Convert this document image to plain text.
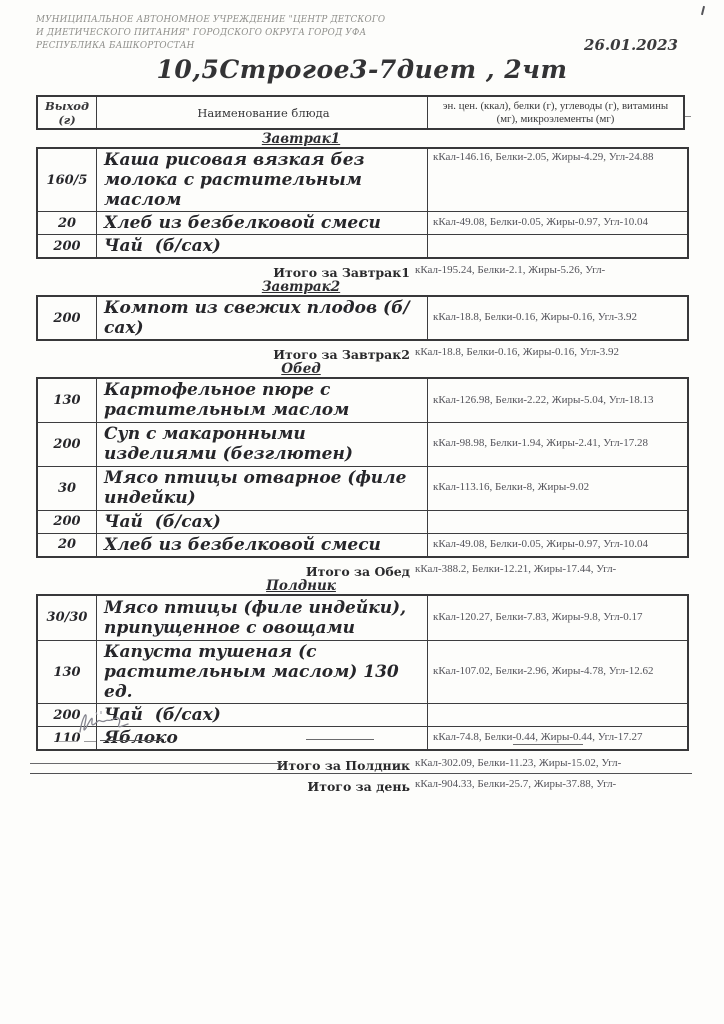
МУНИЦИПАЛЬНОЕ АВТОНОМНОЕ УЧРЕЖДЕНИЕ "ЦЕНТР ДЕТСКОГО И ДИЕТИЧЕСКОГО ПИТАНИЯ" ГОРОДСКОГО ОКРУГА ГОРОД УФА РЕСПУБЛИКА БАШКОРТОСТАН	26.01.2023
10,5Строгое3-7диет , 2чт
Выход (г)	Наименование блюда	эн. цен. (ккал), белки (г), углеводы (г), витамины (мг), микроэлементы (мг)
Завтрак1
160/5	Каша рисовая вязкая без молока с растительным маслом	кКал-146.16, Белки-2.05, Жиры-4.29, Угл-24.88
20	Хлеб из безбелковой смеси	кКал-49.08, Белки-0.05, Жиры-0.97, Угл-10.04
200	Чай  (б/сах)	
Итого за Завтрак1 кКал-195.24, Белки-2.1, Жиры-5.26, Угл-
Завтрак2
200	Компот из свежих плодов (б/сах)	кКал-18.8, Белки-0.16, Жиры-0.16, Угл-3.92
Итого за Завтрак2 кКал-18.8, Белки-0.16, Жиры-0.16, Угл-3.92
Обед
130	Картофельное пюре с растительным маслом	кКал-126.98, Белки-2.22, Жиры-5.04, Угл-18.13
200	Суп с макаронными изделиями (безглютен)	кКал-98.98, Белки-1.94, Жиры-2.41, Угл-17.28
30	Мясо птицы отварное (филе индейки)	кКал-113.16, Белки-8, Жиры-9.02
200	Чай  (б/сах)	
20	Хлеб из безбелковой смеси	кКал-49.08, Белки-0.05, Жиры-0.97, Угл-10.04
Итого за Обед кКал-388.2, Белки-12.21, Жиры-17.44, Угл-
Полдник
30/30	Мясо птицы (филе индейки), припущенное с овощами	кКал-120.27, Белки-7.83, Жиры-9.8, Угл-0.17
130	Капуста тушеная (с растительным маслом) 130 ед.	кКал-107.02, Белки-2.96, Жиры-4.78, Угл-12.62
200	Чай  (б/сах)	
110	Яблоко	кКал-74.8, Белки-0.44, Жиры-0.44, Угл-17.27
Итого за Полдник кКал-302.09, Белки-11.23, Жиры-15.02, Угл-
Итого за день кКал-904.33, Белки-25.7, Жиры-37.88, Угл-
